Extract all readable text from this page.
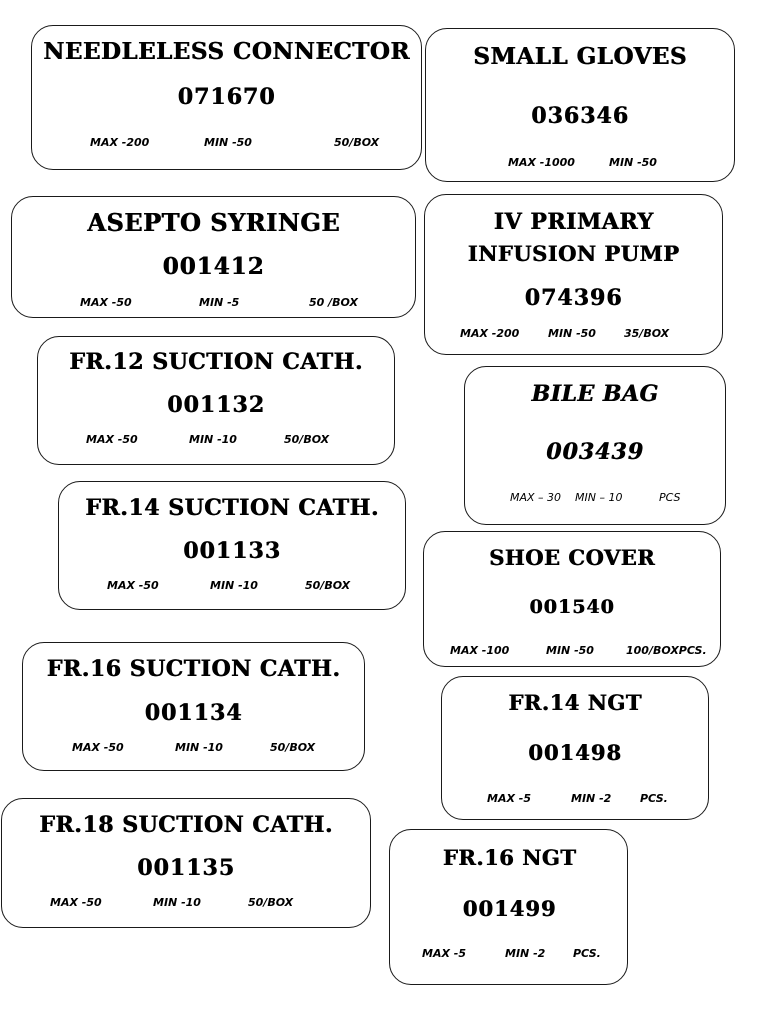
NEEDLELESS CONNECTOR
071670
MAX -200	MIN -50	50/BOX
SMALL GLOVES
036346
MAX -1000	MIN -50
ASEPTO SYRINGE
001412
MAX -50	MIN -5	50 /BOX
IV PRIMARY
INFUSION PUMP
074396
MAX -200	MIN -50	35/BOX
FR.12 SUCTION CATH.
001132
MAX -50	MIN -10	50/BOX
BILE BAG
003439
MAX – 30 MIN – 10	PCS
FR.14 SUCTION CATH.
001133
MAX -50	MIN -10	50/BOX
SHOE COVER
001540
MAX -100	MIN -50	100/BOXPCS.
FR.16 SUCTION CATH.
001134
MAX -50	MIN -10	50/BOX
FR.14 NGT
001498
MAX -5	MIN -2	PCS.
FR.18 SUCTION CATH.
001135
MAX -50	MIN -10	50/BOX
FR.16 NGT
001499
MAX -5	MIN -2	PCS.
